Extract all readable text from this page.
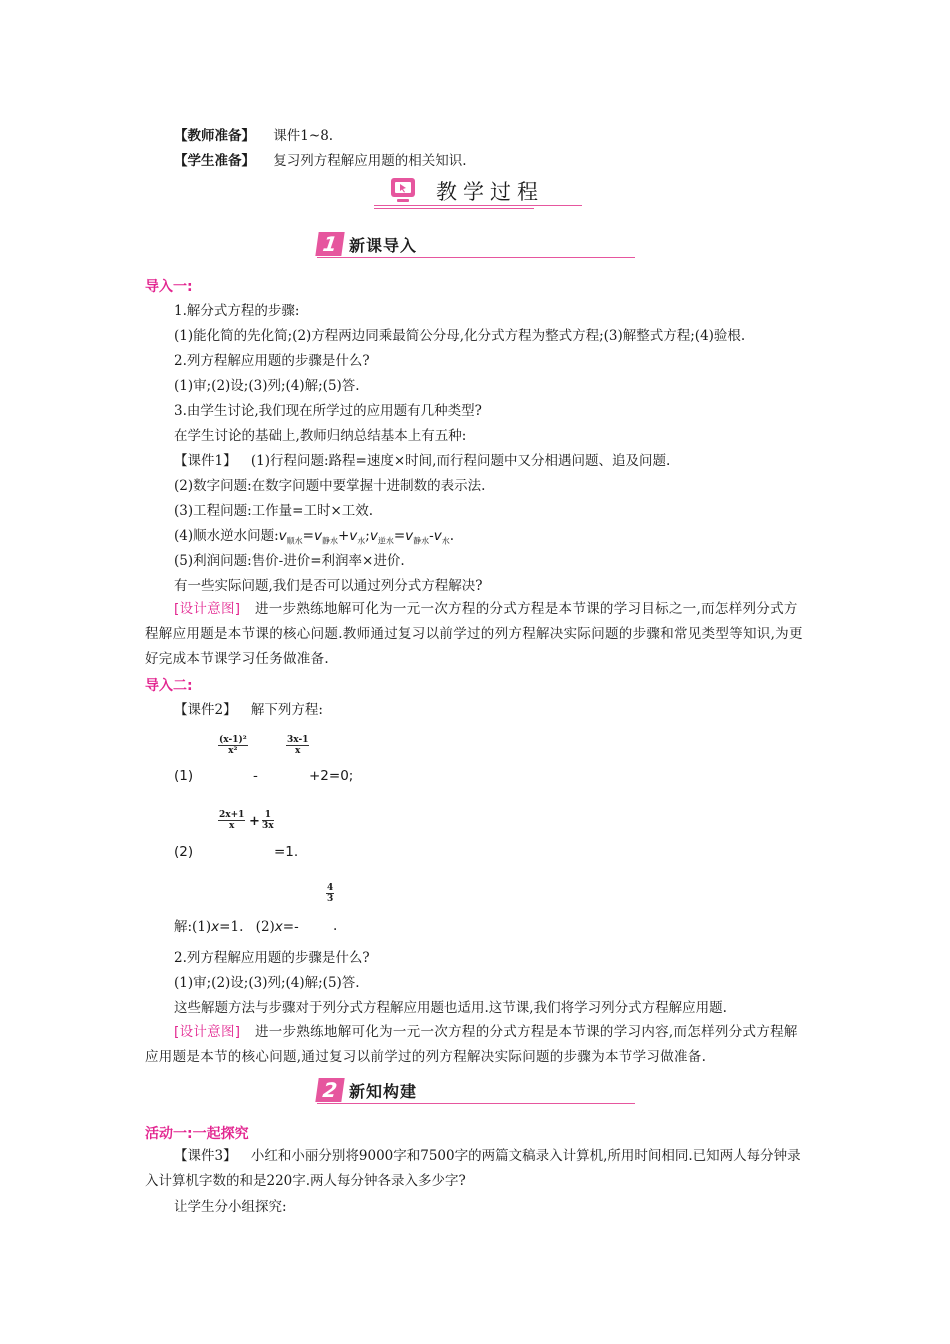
【教师准备】 课件1~8.
【学生准备】 复习列方程解应用题的相关知识.
教学过程
1 新课导入
导入一:
1.解分式方程的步骤:
(1)能化简的先化简;(2)方程两边同乘最简公分母,化分式方程为整式方程;(3)解整式方程;(4)验根.
2.列方程解应用题的步骤是什么?
(1)审;(2)设;(3)列;(4)解;(5)答.
3.由学生讨论,我们现在所学过的应用题有几种类型?
在学生讨论的基础上,教师归纳总结基本上有五种:
【课件1】 (1)行程问题:路程=速度×时间,而行程问题中又分相遇问题、追及问题.
(2)数字问题:在数字问题中要掌握十进制数的表示法.
(3)工程问题:工作量=工时×工效.
(4)顺水逆水问题$:v_{顺水}=v_{静水}+v_水;v_{逆水}=v_{静水}-v_水$.
(5)利润问题:售价-进价=利润率×进价.
有一些实际问题,我们是否可以通过列分式方程解决?
[设计意图] 进一步熟练地解可化为一元一次方程的分式方程是本节课的学习目标之一,而怎样列分式方程解应用题是本节课的核心问题.教师通过复习以前学过的列方程解决实际问题的步骤和常见类型等知识,为更好完成本节课学习任务做准备.
导入二:
【课件2】 解下列方程:
$\frac{\text{(x-1)²}}{\text{x²}}$	$\frac{3x-1}{x}$
(1)	-	+2=0;
$\frac{2x+1}{x} + \frac{1}{3x}$
(2)	=1.
$\frac{4}{3}$
解:(1)x=1. (2)x=-	.
2.列方程解应用题的步骤是什么?
(1)审;(2)设;(3)列;(4)解;(5)答.
这些解题方法与步骤对于列分式方程解应用题也适用.这节课,我们将学习列分式方程解应用题.
[设计意图] 进一步熟练地解可化为一元一次方程的分式方程是本节课的学习内容,而怎样列分式方程解应用题是本节的核心问题,通过复习以前学过的列方程解决实际问题的步骤为本节学习做准备.
2 新知构建
活动一:一起探究
【课件3】 小红和小丽分别将9000字和7500字的两篇文稿录入计算机,所用时间相同.已知两人每分钟录入计算机字数的和是220字.两人每分钟各录入多少字?
让学生分小组探究:
